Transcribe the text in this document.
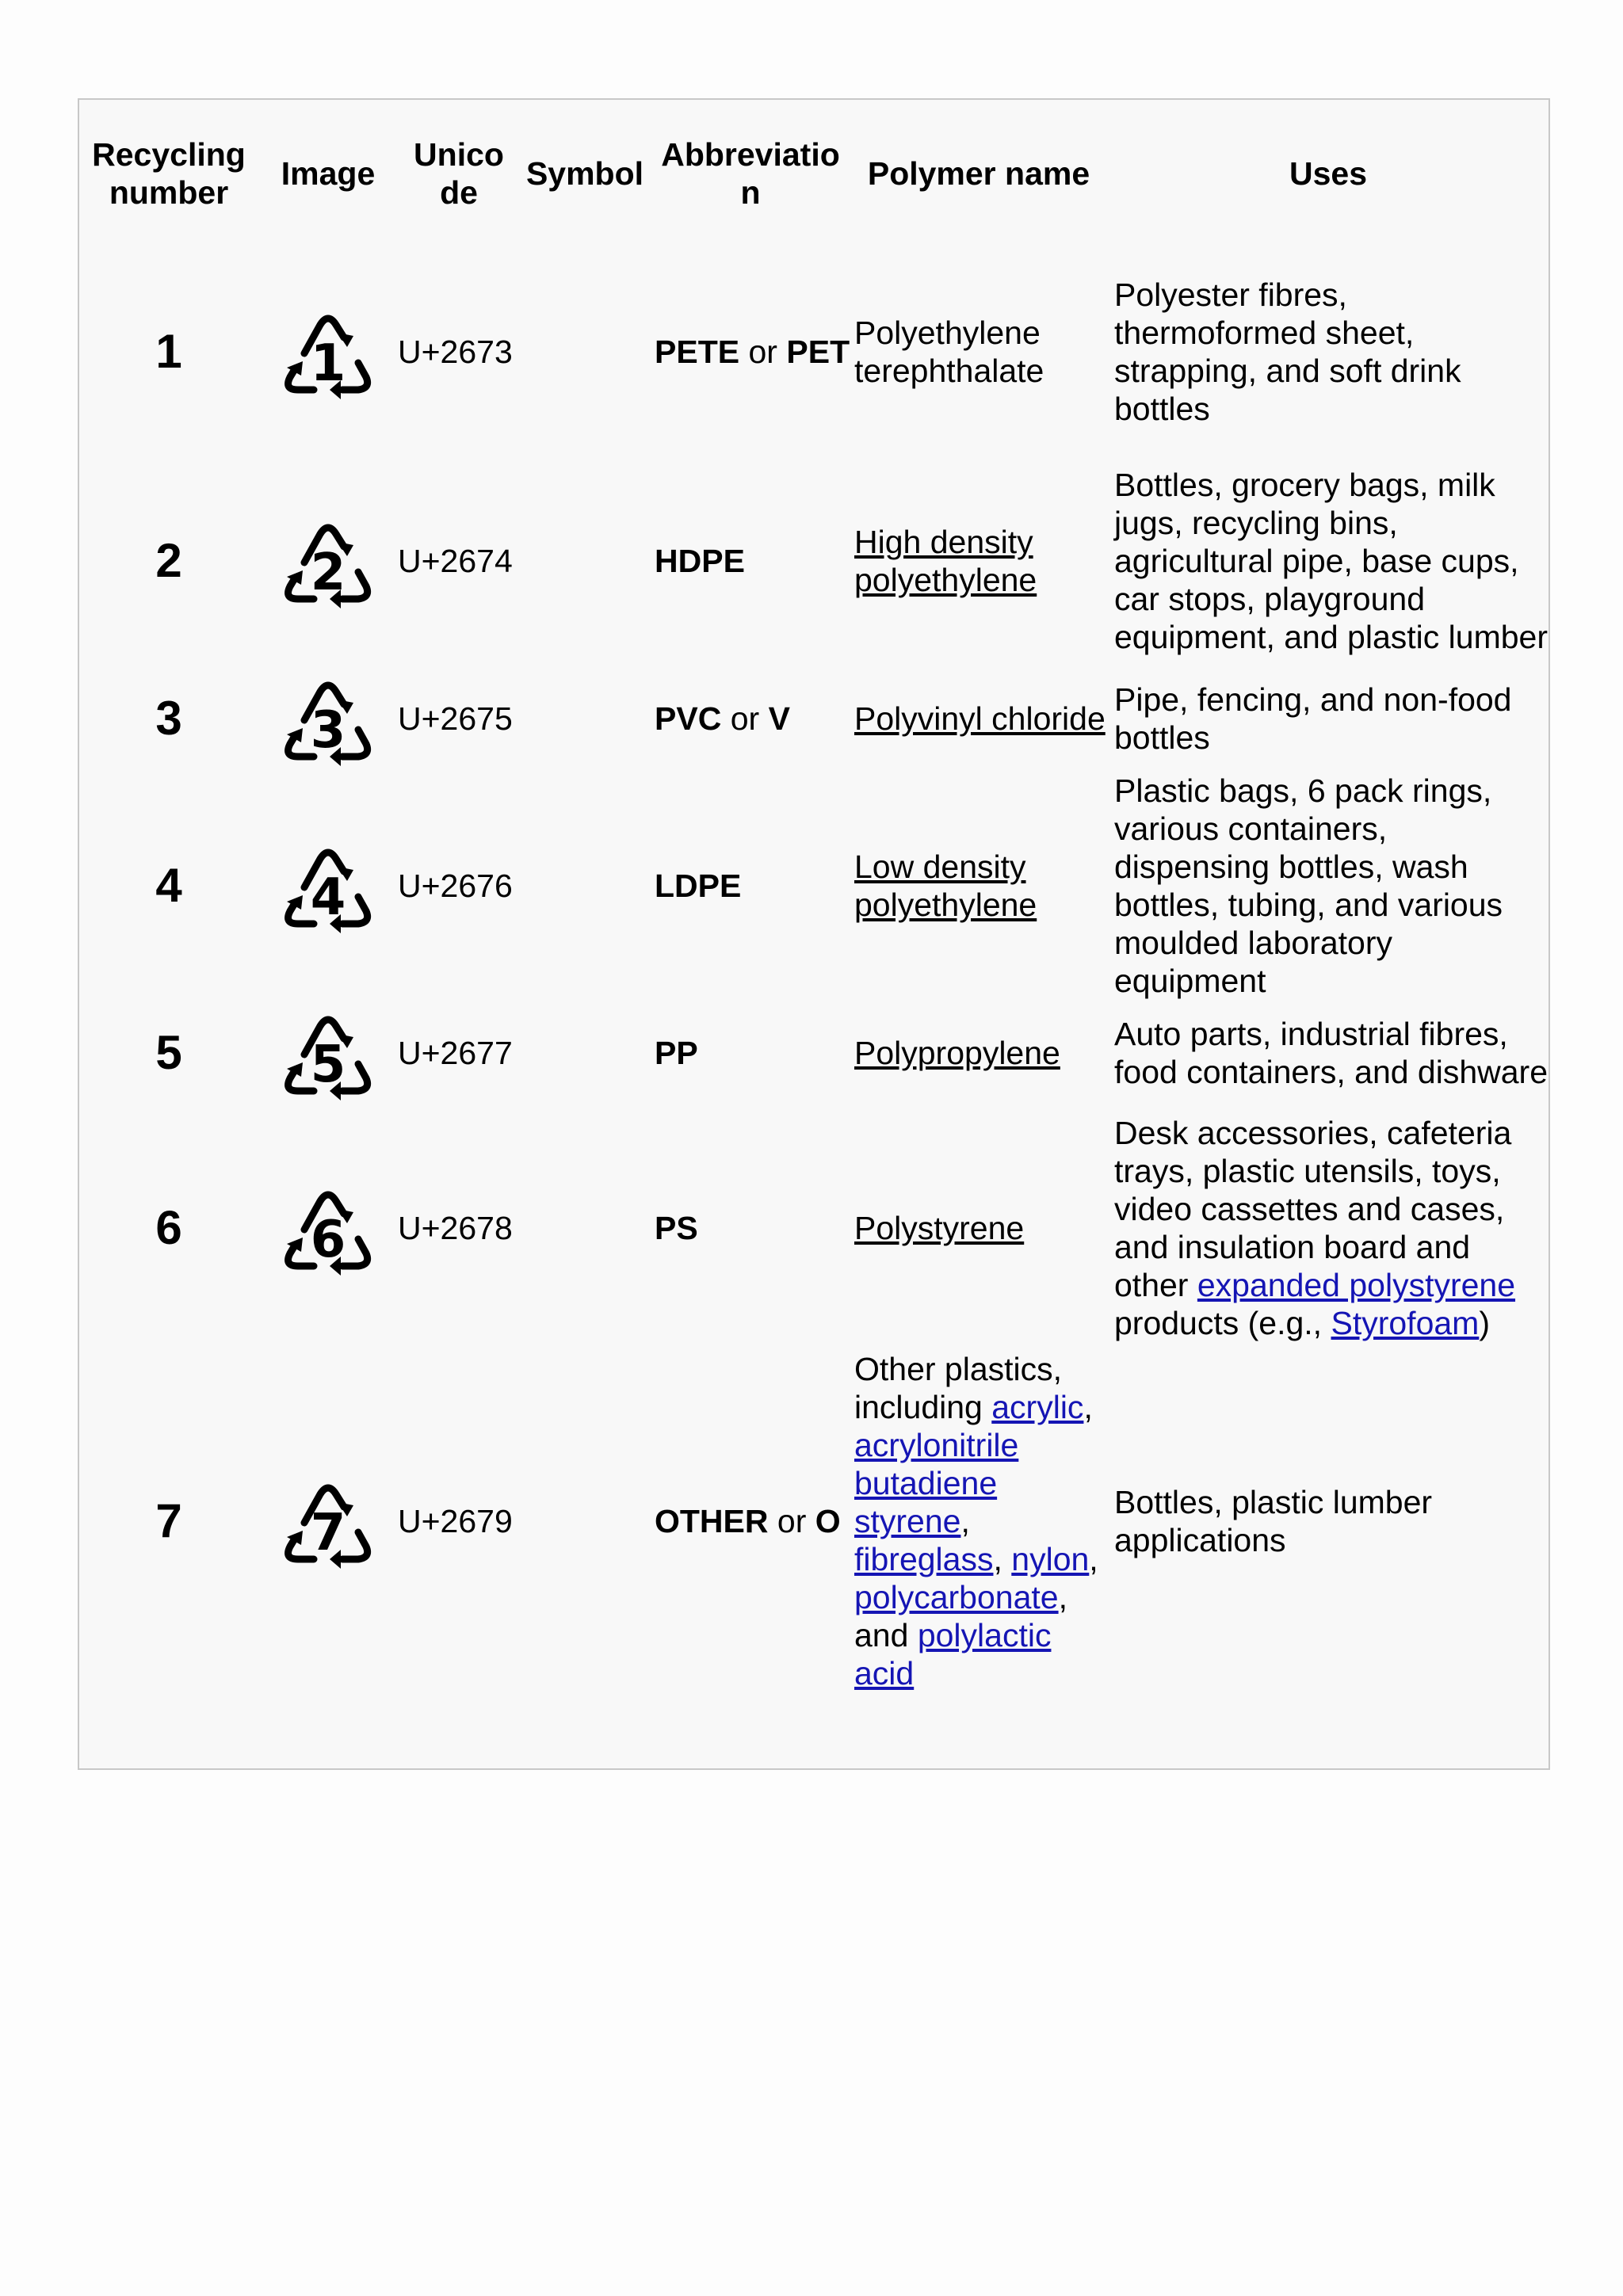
Recycling number	Image	Unicode	Symbol	Abbreviation	Polymer name	Uses
1	1	U+2673		PETE or PET	Polyethylene terephthalate	Polyester fibres, thermoformed sheet, strapping, and soft drink bottles
2	2	U+2674		HDPE	High density polyethylene	Bottles, grocery bags, milk jugs, recycling bins, agricultural pipe, base cups, car stops, playground equipment, and plastic lumber
3	3	U+2675		PVC or V	Polyvinyl chloride	Pipe, fencing, and non-food bottles
4	4	U+2676		LDPE	Low density polyethylene	Plastic bags, 6 pack rings, various containers, dispensing bottles, wash bottles, tubing, and various moulded laboratory equipment
5	5	U+2677		PP	Polypropylene	Auto parts, industrial fibres, food containers, and dishware
6	6	U+2678		PS	Polystyrene	Desk accessories, cafeteria trays, plastic utensils, toys, video cassettes and cases, and insulation board and other expanded polystyrene products (e.g., Styrofoam)
7	7	U+2679		OTHER or O	Other plastics, including acrylic, acrylonitrile butadiene styrene, fibreglass, nylon, polycarbonate, and polylactic acid	Bottles, plastic lumber applications
